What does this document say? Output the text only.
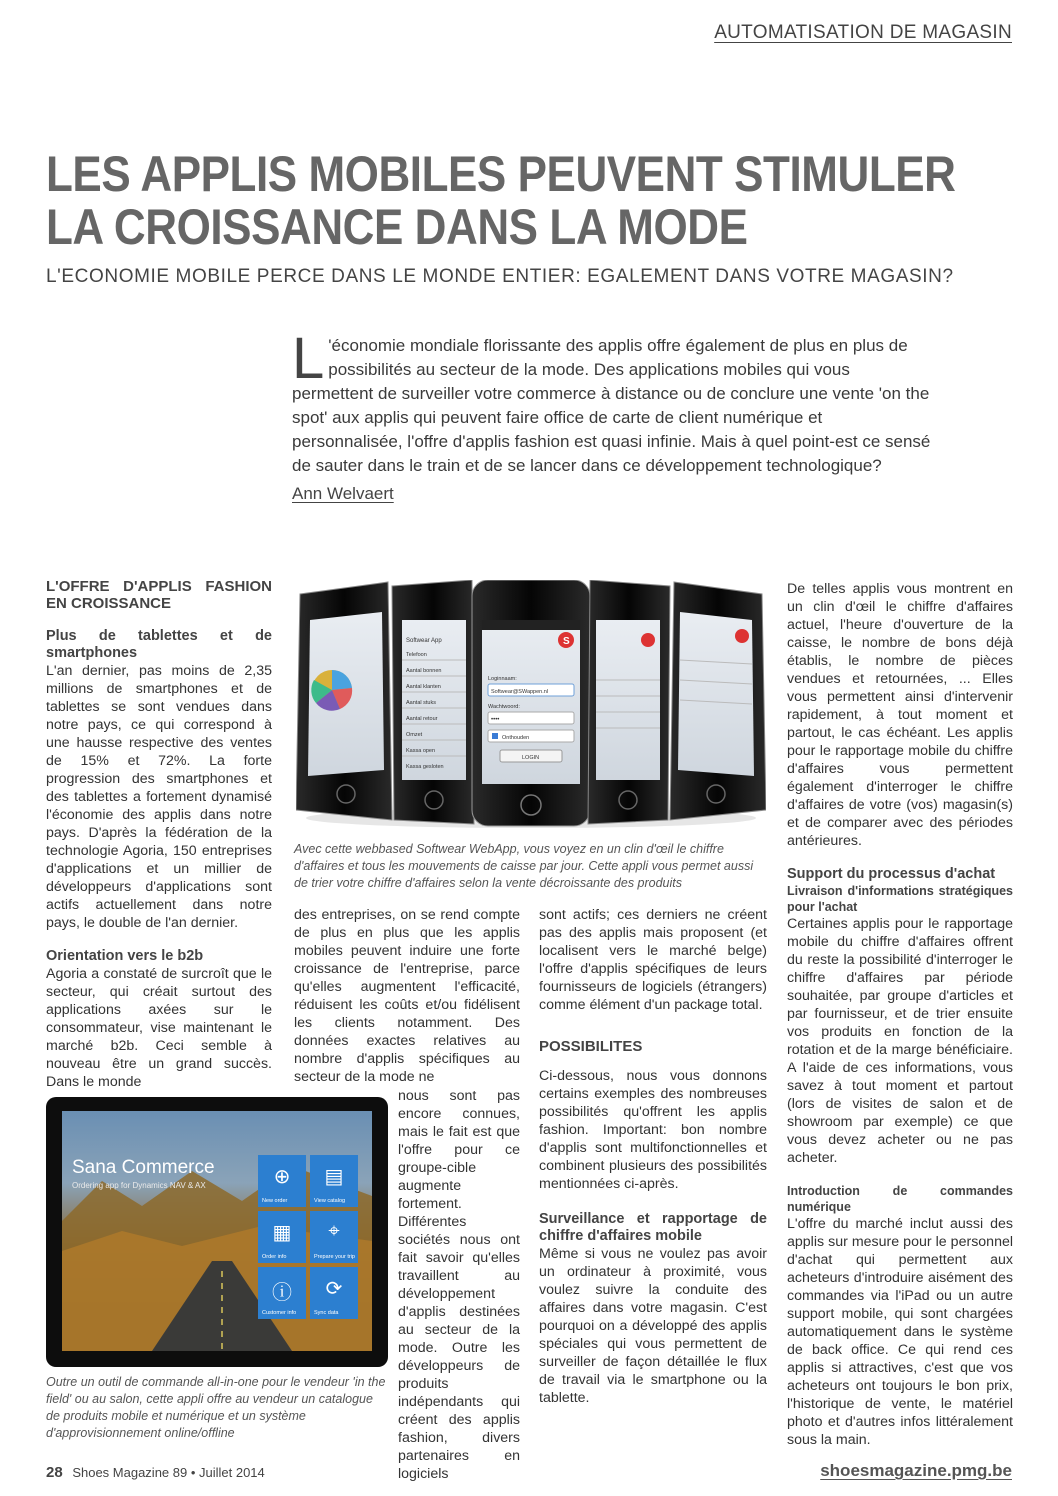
AUTOMATISATION DE MAGASIN
LES APPLIS MOBILES PEUVENT STIMULER
LA CROISSANCE DANS LA MODE
L'ECONOMIE MOBILE PERCE DANS LE MONDE ENTIER: EGALEMENT DANS VOTRE MAGASIN?
L 'économie mondiale florissante des applis offre également de plus en plus de possibilités au secteur de la mode. Des applications mobiles qui vous permettent de surveiller votre commerce à distance ou de conclure une vente 'on the spot' aux applis qui peuvent faire office de carte de client numérique et personnalisée, l'offre d'applis fashion est quasi infinie. Mais à quel point-est ce sensé de sauter dans le train et de se lancer dans ce développement technologique?
Ann Welvaert

L'OFFRE D'APPLIS FASHION EN CROISSANCE

Plus de tablettes et de smartphones

L'an dernier, pas moins de 2,35 millions de smartphones et de tablettes se sont vendues dans notre pays, ce qui correspond à une hausse respective des ventes de 15% et 72%. La forte progression des smartphones et des tablettes a fortement dynamisé l'économie des applis dans notre pays. D'après la fédération de la technologie Agoria, 150 entreprises d'applications et un millier de développeurs d'applications sont actifs actuellement dans notre pays, le double de l'an dernier.

Orientation vers le b2b

Agoria a constaté de surcroît que le secteur, qui créait surtout des applications axées sur le consommateur, vise maintenant le marché b2b. Ceci semble à nouveau être un grand succès. Dans le monde

Softwear App
Telefoon
Aantal bonnen
Aantal klanten
Aantal stuks
Aantal retour
Omzet
Kassa open
Kassa gesloten
S
Loginnaam:
Softwear@SWappen.nl
Wachtwoord:
••••
Onthouden
LOGIN
Avec cette webbased Softwear WebApp, vous voyez en un clin d'œil le chiffre d'affaires et tous les mouvements de caisse par jour. Cette appli vous permet aussi de trier votre chiffre d'affaires selon la vente décroissante des produits

des entreprises, on se rend compte de plus en plus que les applis mobiles peuvent induire une forte croissance de l'entreprise, parce qu'elles augmentent l'efficacité, réduisent les coûts et/ou fidélisent les clients notamment. Des données exactes relatives au nombre d'applis spécifiques au secteur de la mode ne

nous sont pas encore connues, mais le fait est que l'offre pour ce groupe-cible augmente fortement. Différentes sociétés nous ont fait savoir qu'elles travaillent au développement d'applis destinées au secteur de la mode. Outre les développeurs de produits indépendants qui créent des applis fashion, divers partenaires en logiciels

sont actifs; ces derniers ne créent pas des applis mais proposent (et localisent vers le marché belge) l'offre d'applis spécifiques de leurs fournisseurs de logiciels (étrangers) comme élément d'un package total.

POSSIBILITES

Ci-dessous, nous vous donnons certains exemples des nombreuses possibilités qu'offrent les applis fashion. Important: bon nombre d'applis sont multifonctionnelles et combinent plusieurs des possibilités mentionnées ci-après.

Surveillance et rapportage de chiffre d'affaires mobile

Même si vous ne voulez pas avoir un ordinateur à proximité, vous voulez suivre la conduite des affaires dans votre magasin. C'est pourquoi on a développé des applis spéciales qui vous permettent de surveiller de façon détaillée le flux de travail via le smartphone ou la tablette.

De telles applis vous montrent en un clin d'œil le chiffre d'affaires actuel, l'heure d'ouverture de la caisse, le nombre de bons déjà établis, le nombre de pièces vendues et retournées, ... Elles vous permettent ainsi d'intervenir rapidement, à tout moment et partout, le cas échéant. Les applis pour le rapportage mobile du chiffre d'affaires vous permettent également d'interroger le chiffre d'affaires de votre (vos) magasin(s) et de comparer avec des périodes antérieures.

Support du processus d'achat

Livraison d'informations stratégiques pour l'achat

Certaines applis pour le rapportage mobile du chiffre d'affaires offrent du reste la possibilité d'interroger le chiffre d'affaires par période souhaitée, par groupe d'articles et par fournisseur, et de trier ensuite vos produits en fonction de la rotation et de la marge bénéficiaire. A l'aide de ces informations, vous savez à tout moment et partout (lors de visites de salon et de showroom par exemple) ce que vous devez acheter ou ne pas acheter.

Introduction de commandes numérique

L'offre du marché inclut aussi des applis sur mesure pour le personnel d'achat qui permettent aux acheteurs d'introduire aisément des commandes via l'iPad ou un autre support mobile, qui sont chargées automatiquement dans le système de back office. Ce qui rend ces applis si attractives, c'est que vos acheteurs ont toujours le bon prix, l'historique de vente, le matériel photo et d'autres infos littéralement sous la main.

Sana Commerce
Ordering app for Dynamics NAV & AX	⊕
New order
▤
View catalog
▦
Order info
⌖
Prepare your trip
ⓘ
Customer info
⟳
Sync data
Outre un outil de commande all-in-one pour le vendeur 'in the field' ou au salon, cette appli offre au vendeur un catalogue de produits mobile et numérique et un système d'approvisionnement online/offline
28 Shoes Magazine 89 • Juillet 2014	shoesmagazine.pmg.be
